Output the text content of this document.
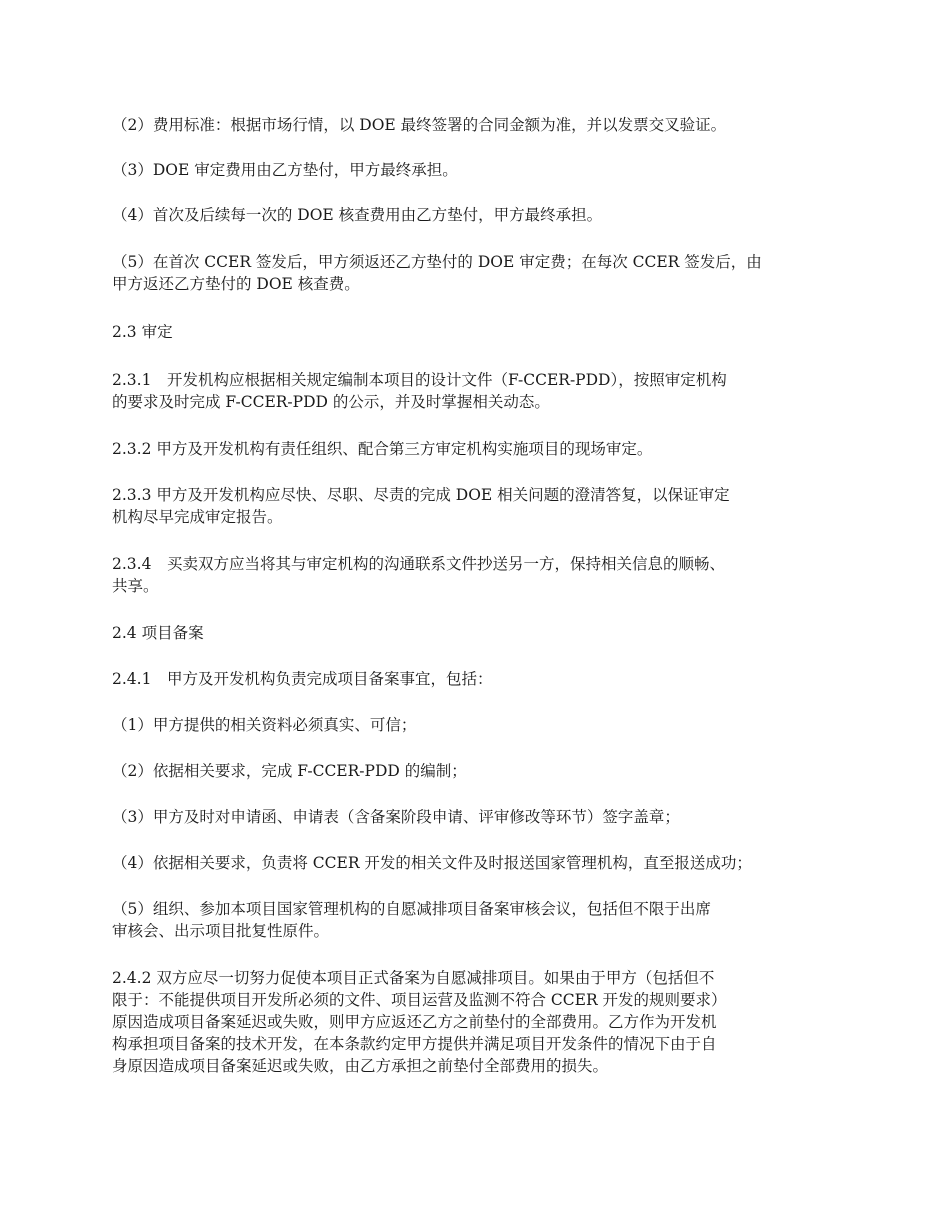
（2）费用标准：根据市场行情，以 DOE 最终签署的合同金额为准，并以发票交叉验证。

（3）DOE 审定费用由乙方垫付，甲方最终承担。

（4）首次及后续每一次的 DOE 核查费用由乙方垫付，甲方最终承担。

（5）在首次 CCER 签发后，甲方须返还乙方垫付的 DOE 审定费；在每次 CCER 签发后，由
甲方返还乙方垫付的 DOE 核查费。

2.3 审定

2.3.1　开发机构应根据相关规定编制本项目的设计文件（F-CCER-PDD），按照审定机构
的要求及时完成 F-CCER-PDD 的公示，并及时掌握相关动态。

2.3.2 甲方及开发机构有责任组织、配合第三方审定机构实施项目的现场审定。

2.3.3 甲方及开发机构应尽快、尽职、尽责的完成 DOE 相关问题的澄清答复，以保证审定
机构尽早完成审定报告。

2.3.4　买卖双方应当将其与审定机构的沟通联系文件抄送另一方，保持相关信息的顺畅、
共享。

2.4 项目备案

2.4.1　甲方及开发机构负责完成项目备案事宜，包括：

（1）甲方提供的相关资料必须真实、可信；

（2）依据相关要求，完成 F-CCER-PDD 的编制；

（3）甲方及时对申请函、申请表（含备案阶段申请、评审修改等环节）签字盖章；

（4）依据相关要求，负责将 CCER 开发的相关文件及时报送国家管理机构，直至报送成功；

（5）组织、参加本项目国家管理机构的自愿减排项目备案审核会议，包括但不限于出席
审核会、出示项目批复性原件。

2.4.2 双方应尽一切努力促使本项目正式备案为自愿减排项目。如果由于甲方（包括但不
限于：不能提供项目开发所必须的文件、项目运营及监测不符合 CCER 开发的规则要求）
原因造成项目备案延迟或失败，则甲方应返还乙方之前垫付的全部费用。乙方作为开发机
构承担项目备案的技术开发，在本条款约定甲方提供并满足项目开发条件的情况下由于自
身原因造成项目备案延迟或失败，由乙方承担之前垫付全部费用的损失。
